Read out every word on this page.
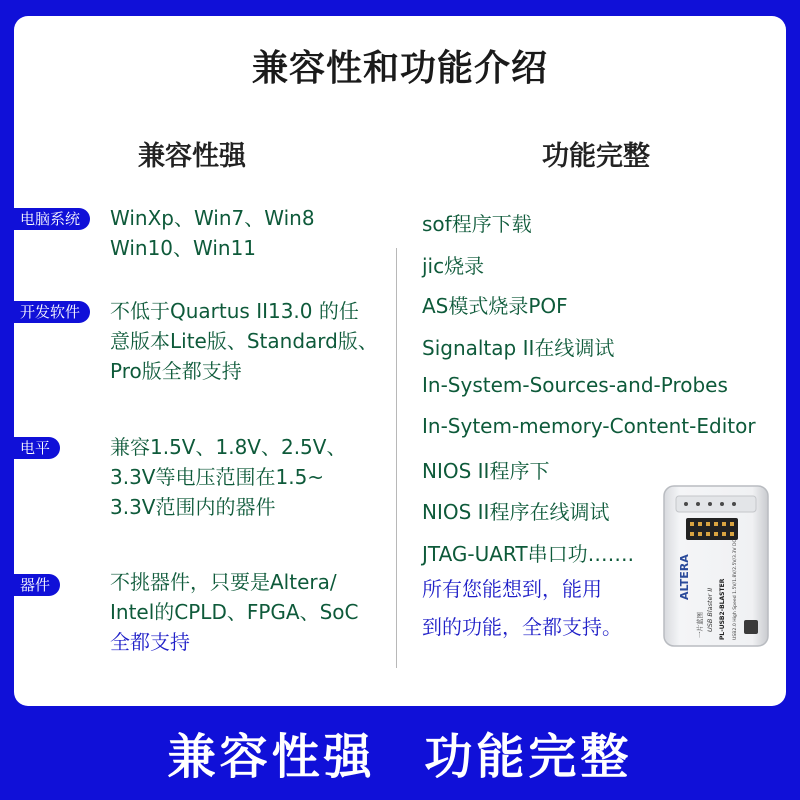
兼容性和功能介绍
兼容性强	功能完整
电脑系统	WinXp、Win7、Win8
Win10、Win11
开发软件	不低于Quartus II13.0 的任
意版本Lite版、Standard版、
Pro版全都支持
电平	兼容1.5V、1.8V、2.5V、
3.3V等电压范围在1.5~
3.3V范围内的器件
器件	不挑器件，只要是Altera/
Intel的CPLD、FPGA、SoC
全都支持
sof程序下载
jic烧录
AS模式烧录POF
Signaltap II在线调试
In-System-Sources-and-Probes
In-Sytem-memory-Content-Editor
NIOS II程序下
NIOS II程序在线调试
JTAG-UART串口功…….
所有您能想到，能用
到的功能，全都支持。
ALTERA
一片蓝图 USB Blaster II PL-USB2-BLASTER USB2.0 High Speed 1.5V/1.8V/2.5V/3.3V DC
兼容性强 功能完整
